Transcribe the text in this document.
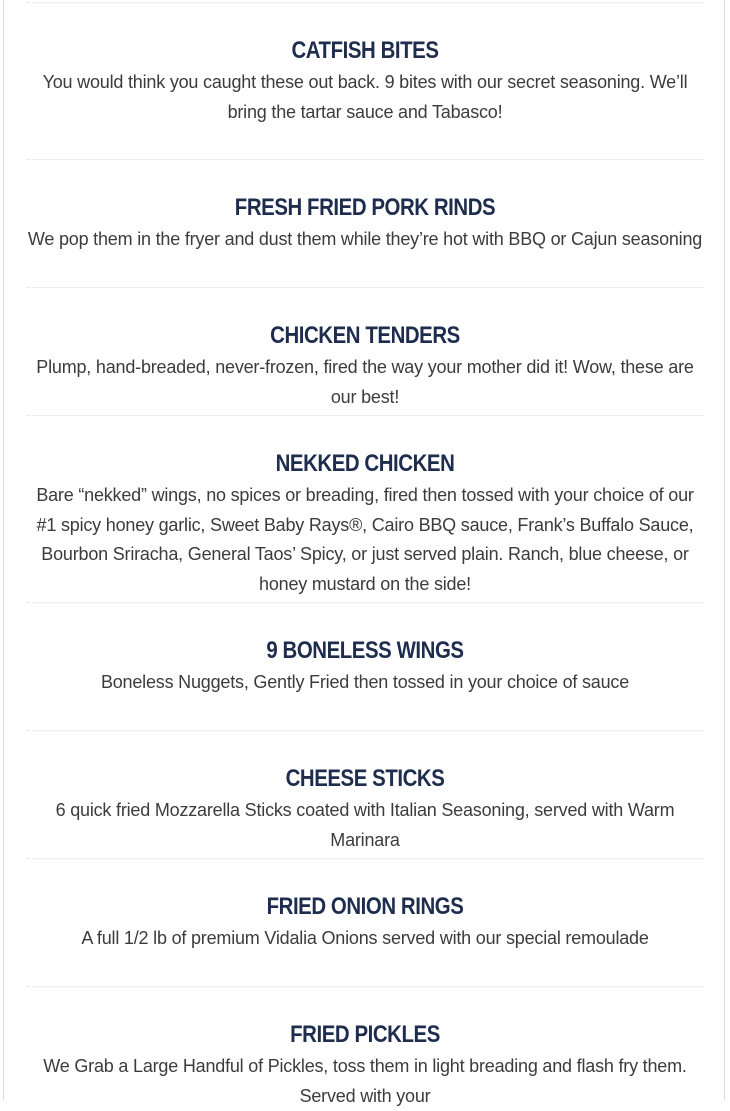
CATFISH BITES

You would think you caught these out back. 9 bites with our secret seasoning. We’ll bring the tartar sauce and Tabasco!

FRESH FRIED PORK RINDS

We pop them in the fryer and dust them while they’re hot with BBQ or Cajun seasoning

CHICKEN TENDERS

Plump, hand-breaded, never-frozen, fired the way your mother did it! Wow, these are our best!

NEKKED CHICKEN

Bare “nekked” wings, no spices or breading, fired then tossed with your choice of our #1 spicy honey garlic, Sweet Baby Rays®, Cairo BBQ sauce, Frank’s Buffalo Sauce, Bourbon Sriracha, General Taos’ Spicy, or just served plain. Ranch, blue cheese, or honey mustard on the side!

9 BONELESS WINGS

Boneless Nuggets, Gently Fried then tossed in your choice of sauce

CHEESE STICKS

6 quick fried Mozzarella Sticks coated with Italian Seasoning, served with Warm Marinara

FRIED ONION RINGS

A full 1/2 lb of premium Vidalia Onions served with our special remoulade

FRIED PICKLES

We Grab a Large Handful of Pickles, toss them in light breading and flash fry them. Served with your
